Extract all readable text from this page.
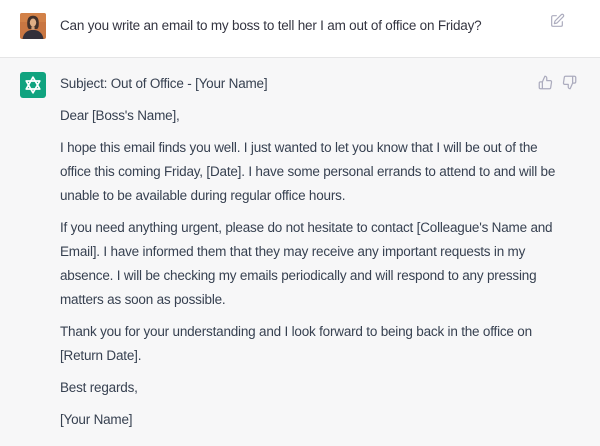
Can you write an email to my boss to tell her I am out of office on Friday?

Subject: Out of Office - [Your Name]

Dear [Boss's Name],

I hope this email finds you well. I just wanted to let you know that I will be out of the office this coming Friday, [Date]. I have some personal errands to attend to and will be unable to be available during regular office hours.

If you need anything urgent, please do not hesitate to contact [Colleague's Name and Email]. I have informed them that they may receive any important requests in my absence. I will be checking my emails periodically and will respond to any pressing matters as soon as possible.

Thank you for your understanding and I look forward to being back in the office on [Return Date].

Best regards,

[Your Name]
